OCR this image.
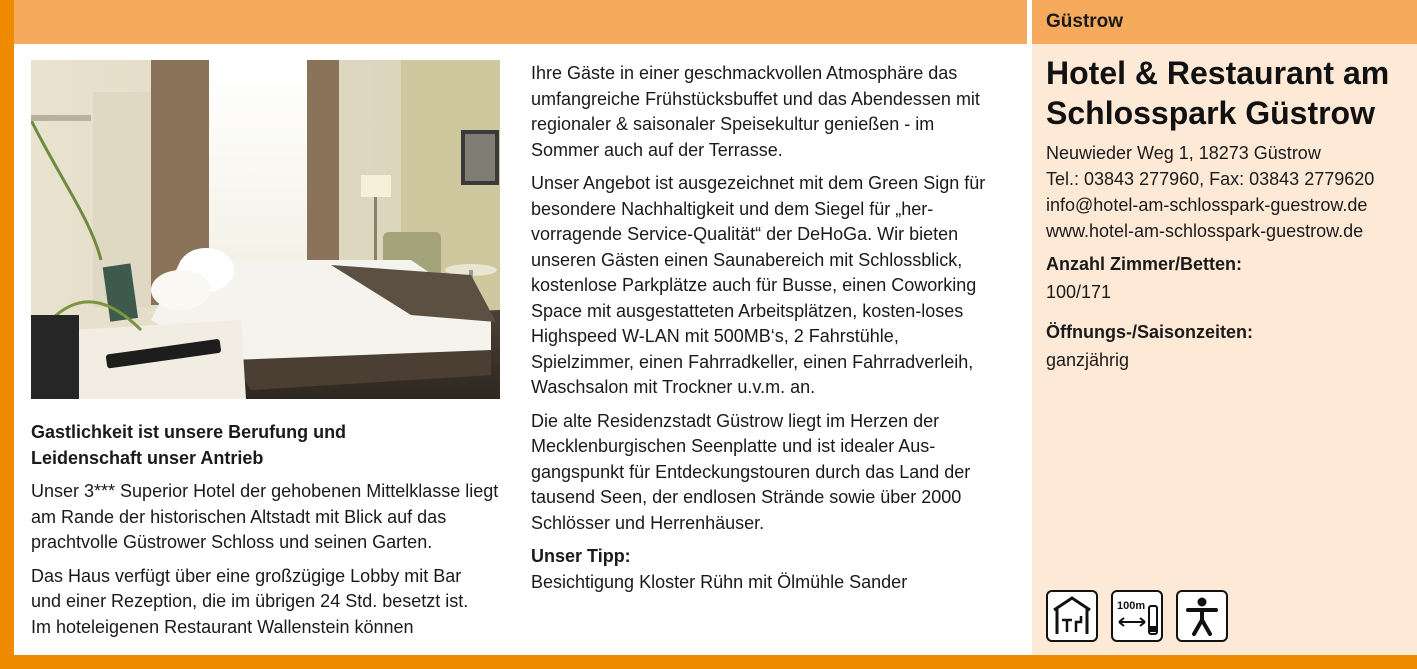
Gastlichkeit ist unsere Berufung und Leidenschaft unser Antrieb

Unser 3*** Superior Hotel der gehobenen Mittelklasse liegt am Rande der historischen Altstadt mit Blick auf das prachtvolle Güstrower Schloss und seinen Garten.

Das Haus verfügt über eine großzügige Lobby mit Bar und einer Rezeption, die im übrigen 24 Std. besetzt ist. Im hoteleigenen Restaurant Wallenstein können

Ihre Gäste in einer geschmackvollen Atmosphäre das umfangreiche Frühstücksbuffet und das Abendessen mit regionaler & saisonaler Speisekultur genießen - im Sommer auch auf der Terrasse.

Unser Angebot ist ausgezeichnet mit dem Green Sign für besondere Nachhaltigkeit und dem Siegel für „her-vorragende Service-Qualität“ der DeHoGa. Wir bieten unseren Gästen einen Saunabereich mit Schlossblick, kostenlose Parkplätze auch für Busse, einen Coworking Space mit ausgestatteten Arbeitsplätzen, kosten-loses Highspeed W-LAN mit 500MB‘s, 2 Fahrstühle, Spielzimmer, einen Fahrradkeller, einen Fahrradverleih, Waschsalon mit Trockner u.v.m. an.

Die alte Residenzstadt Güstrow liegt im Herzen der Mecklenburgischen Seenplatte und ist idealer Aus-gangspunkt für Entdeckungstouren durch das Land der tausend Seen, der endlosen Strände sowie über 2000 Schlösser und Herrenhäuser.

Unser Tipp:
Besichtigung Kloster Rühn mit Ölmühle Sander

Güstrow
Hotel & Restaurant am Schlosspark Güstrow
Neuwieder Weg 1, 18273 Güstrow
Tel.: 03843 277960, Fax: 03843 2779620
info@hotel-am-schlosspark-guestrow.de
www.hotel-am-schlosspark-guestrow.de
Anzahl Zimmer/Betten:
100/171
Öffnungs-/Saisonzeiten:
ganzjährig
100m
